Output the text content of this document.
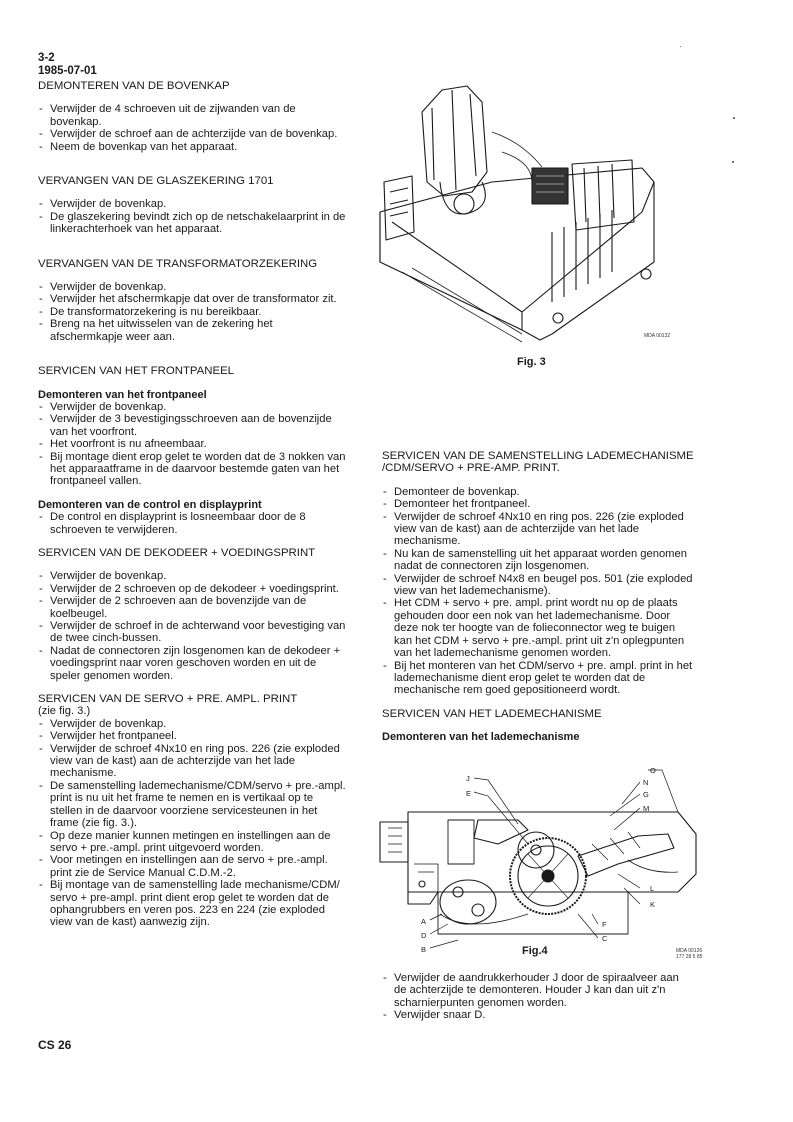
3-2
1985-07-01

DEMONTEREN VAN DE BOVENKAP

- Verwijder de 4 schroeven uit de zijwanden van de bovenkap.
- Verwijder de schroef aan de achterzijde van de bovenkap.
- Neem de bovenkap van het apparaat.

VERVANGEN VAN DE GLASZEKERING 1701

- Verwijder de bovenkap.
- De glaszekering bevindt zich op de netschakelaarprint in de linkerachterhoek van het apparaat.

VERVANGEN VAN DE TRANSFORMATORZEKERING

- Verwijder de bovenkap.
- Verwijder het afschermkapje dat over de transformator zit.
- De transformatorzekering is nu bereikbaar.
- Breng na het uitwisselen van de zekering het afschermkapje weer aan.

SERVICEN VAN HET FRONTPANEEL

Demonteren van het frontpaneel

- Verwijder de bovenkap.
- Verwijder de 3 bevestigingsschroeven aan de bovenzijde van het voorfront.
- Het voorfront is nu afneembaar.
- Bij montage dient erop gelet te worden dat de 3 nokken van het apparaatframe in de daarvoor bestemde gaten van het frontpaneel vallen.

Demonteren van de control en displayprint

- De control en displayprint is losneembaar door de 8 schroeven te verwijderen.

SERVICEN VAN DE DEKODEER + VOEDINGSPRINT

- Verwijder de bovenkap.
- Verwijder de 2 schroeven op de dekodeer + voedingsprint.
- Verwijder de 2 schroeven aan de bovenzijde van de koelbeugel.
- Verwijder de schroef in de achterwand voor bevestiging van de twee cinch-bussen.
- Nadat de connectoren zijn losgenomen kan de dekodeer + voedingsprint naar voren geschoven worden en uit de speler genomen worden.

SERVICEN VAN DE SERVO + PRE. AMPL. PRINT

(zie fig. 3.)

- Verwijder de bovenkap.
- Verwijder het frontpaneel.
- Verwijder de schroef 4Nx10 en ring pos. 226 (zie exploded view van de kast) aan de achterzijde van het lade mechanisme.
- De samenstelling lademechanisme/CDM/servo + pre.-ampl. print is nu uit het frame te nemen en is vertikaal op te stellen in de daarvoor voorziene servicesteunen in het frame (zie fig. 3.).
- Op deze manier kunnen metingen en instellingen aan de servo + pre.-ampl. print uitgevoerd worden.
- Voor metingen en instellingen aan de servo + pre.-ampl. print zie de Service Manual C.D.M.-2.
- Bij montage van de samenstelling lade mechanisme/CDM/ servo + pre-ampl. print dient erop gelet te worden dat de ophangrubbers en veren pos. 223 en 224 (zie exploded view van de kast) aanwezig zijn.
MDA 00132
Fig. 3

SERVICEN VAN DE SAMENSTELLING LADEMECHANISME
/CDM/SERVO + PRE-AMP. PRINT.

- Demonteer de bovenkap.
- Demonteer het frontpaneel.
- Verwijder de schroef 4Nx10 en ring pos. 226 (zie exploded view van de kast) aan de achterzijde van het lade mechanisme.
- Nu kan de samenstelling uit het apparaat worden genomen nadat de connectoren zijn losgenomen.
- Verwijder de schroef N4x8 en beugel pos. 501 (zie exploded view van het lademechanisme).
- Het CDM + servo + pre. ampl. print wordt nu op de plaats gehouden door een nok van het lademechanisme. Door deze nok ter hoogte van de folieconnector weg te buigen kan het CDM + servo + pre.-ampl. print uit z'n oplegpunten van het lademechanisme genomen worden.
- Bij het monteren van het CDM/servo + pre. ampl. print in het lademechanisme dient erop gelet te worden dat de mechanische rem goed gepositioneerd wordt.

SERVICEN VAN HET LADEMECHANISME

Demonteren van het lademechanisme

O
N
G
M
J
E
L
K
A
D
B
F
C
Fig.4	MDA 00126
177 28 5 85
- Verwijder de aandrukkerhouder J door de spiraalveer aan de achterzijde te demonteren. Houder J kan dan uit z'n scharnierpunten genomen worden.
- Verwijder snaar D.
CS 26
